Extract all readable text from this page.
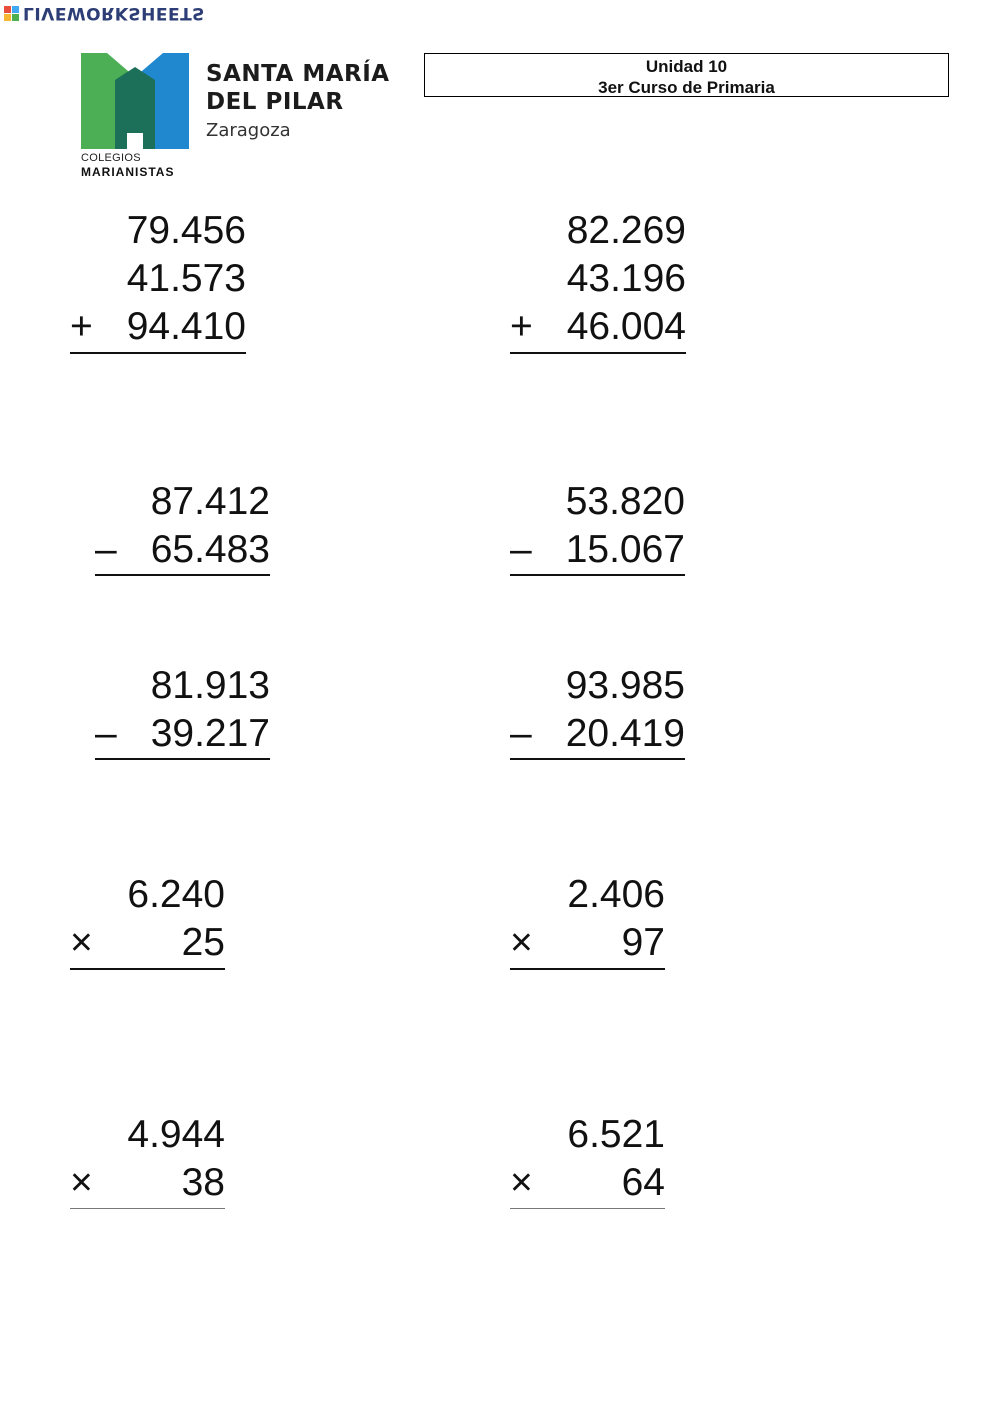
LIVEWORKSHEETS
COLEGIOS
MARIANISTAS
SANTA MARÍA
DEL PILAR
Zaragoza
Unidad 10
3er Curso de Primaria
79.456
41.573
+ 94.410
82.269
43.196
+ 46.004
87.412
– 65.483
53.820
– 15.067
81.913
– 39.217
93.985
– 20.419
6.240
× 25
2.406
× 97
4.944
× 38
6.521
× 64
